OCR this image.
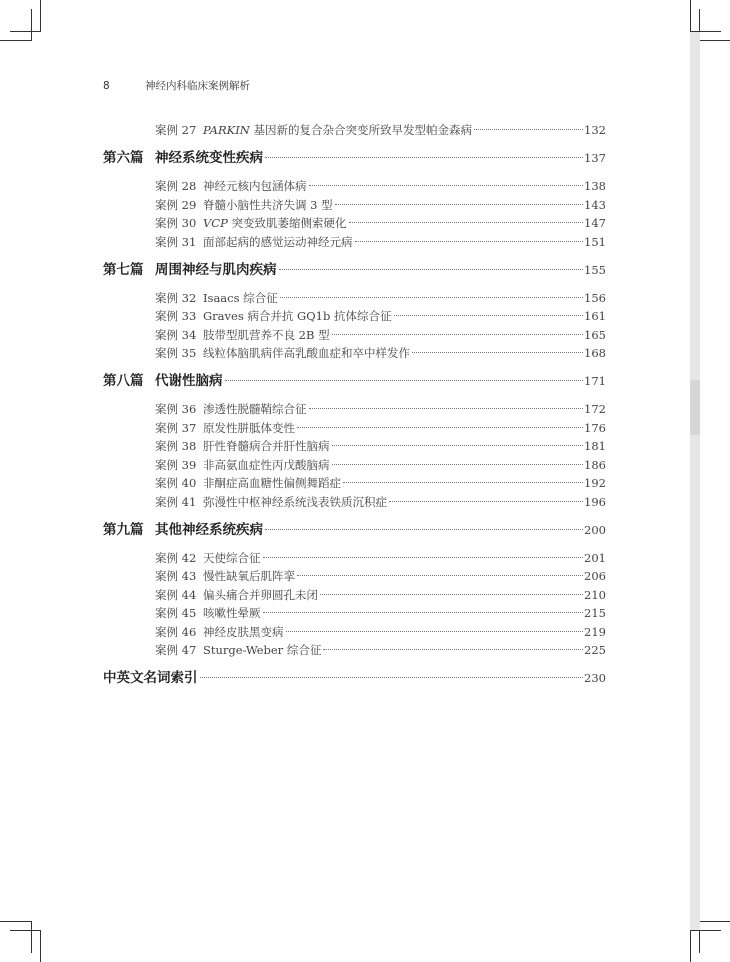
8	神经内科临床案例解析
案例 27 PARKIN 基因新的复合杂合突变所致早发型帕金森病	132
第六篇 神经系统变性疾病	137
案例 28 神经元核内包涵体病	138
案例 29 脊髓小脑性共济失调 3 型	143
案例 30 VCP 突变致肌萎缩侧索硬化	147
案例 31 面部起病的感觉运动神经元病	151
第七篇 周围神经与肌肉疾病	155
案例 32 Isaacs 综合征	156
案例 33 Graves 病合并抗 GQ1b 抗体综合征	161
案例 34 肢带型肌营养不良 2B 型	165
案例 35 线粒体脑肌病伴高乳酸血症和卒中样发作	168
第八篇 代谢性脑病	171
案例 36 渗透性脱髓鞘综合征	172
案例 37 原发性胼胝体变性	176
案例 38 肝性脊髓病合并肝性脑病	181
案例 39 非高氨血症性丙戊酸脑病	186
案例 40 非酮症高血糖性偏侧舞蹈症	192
案例 41 弥漫性中枢神经系统浅表铁质沉积症	196
第九篇 其他神经系统疾病	200
案例 42 天使综合征	201
案例 43 慢性缺氧后肌阵挛	206
案例 44 偏头痛合并卵圆孔未闭	210
案例 45 咳嗽性晕厥	215
案例 46 神经皮肤黑变病	219
案例 47 Sturge-Weber 综合征	225
中英文名词索引	230
